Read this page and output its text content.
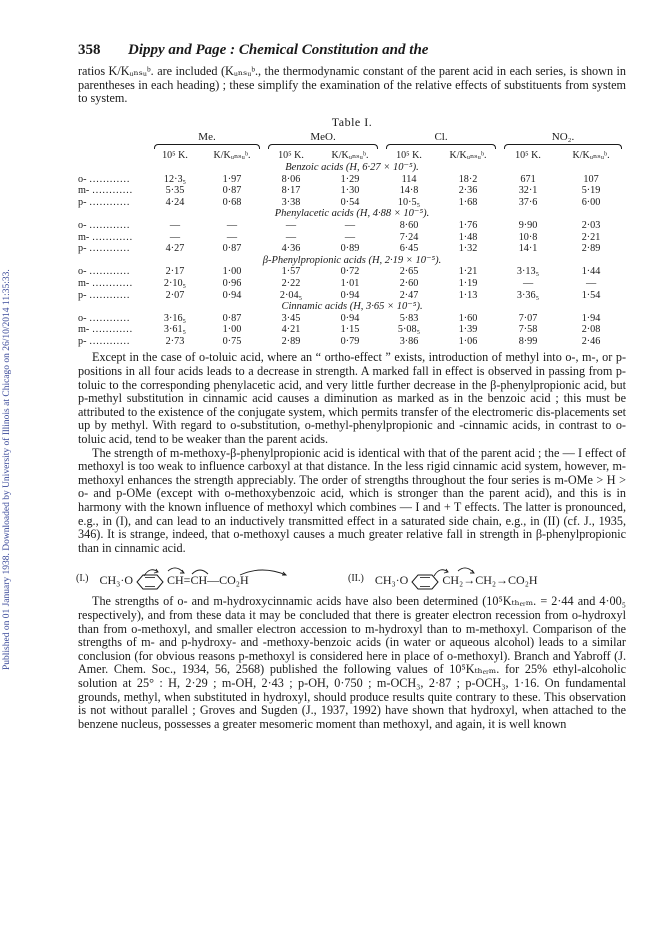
Published on 01 January 1938. Downloaded by University of Illinois at Chicago on 26/10/2014 11:35:33.
358	Dippy and Page : Chemical Constitution and the

ratios K/Kᵤₙₛᵤᵇ. are included (Kᵤₙₛᵤᵇ., the thermodynamic constant of the parent acid in each series, is shown in parentheses in each heading) ; these simplify the examination of the relative effects of substituents from system to system.

Table I.
	Me.		MeO.		Cl.		NO₂.	

	10⁵ K.	K/Kᵤₙₛᵤᵇ.	10⁵ K.	K/Kᵤₙₛᵤᵇ.	10⁵ K.	K/Kᵤₙₛᵤᵇ.	10⁵ K.	K/Kᵤₙₛᵤᵇ.
Benzoic acids (H, 6·27 × 10⁻⁵).								
o- …………	12·3₅	1·97	8·06	1·29	114	18·2	671	107
m- …………	5·35	0·87	8·17	1·30	14·8	2·36	32·1	5·19
p- …………	4·24	0·68	3·38	0·54	10·5₅	1·68	37·6	6·00
Phenylacetic acids (H, 4·88 × 10⁻⁵).								
o- …………	—	—	—	—	8·60	1·76	9·90	2·03
m- …………	—	—	—	—	7·24	1·48	10·8	2·21
p- …………	4·27	0·87	4·36	0·89	6·45	1·32	14·1	2·89
β-Phenylpropionic acids (H, 2·19 × 10⁻⁵).								
o- …………	2·17	1·00	1·57	0·72	2·65	1·21	3·13₅	1·44
m- …………	2·10₅	0·96	2·22	1·01	2·60	1·19	—	—
p- …………	2·07	0·94	2·04₅	0·94	2·47	1·13	3·36₅	1·54
Cinnamic acids (H, 3·65 × 10⁻⁵).								
o- …………	3·16₅	0·87	3·45	0·94	5·83	1·60	7·07	1·94
m- …………	3·61₅	1·00	4·21	1·15	5·08₅	1·39	7·58	2·08
p- …………	2·73	0·75	2·89	0·79	3·86	1·06	8·99	2·46

Except in the case of o-toluic acid, where an “ ortho-effect ” exists, introduction of methyl into o-, m-, or p-positions in all four acids leads to a decrease in strength. A marked fall in effect is observed in passing from p-toluic to the corresponding phenylacetic acid, and very little further decrease in the β-phenylpropionic acid, but p-methyl substitution in cinnamic acid causes a diminution as marked as in the benzoic acid ; this must be attributed to the existence of the conjugate system, which permits transfer of the electromeric dis-placements set up by methyl. With regard to o-substitution, o-methyl-phenylpropionic and -cinnamic acids, in contrast to o-toluic acid, tend to be weaker than the parent acids.

The strength of m-methoxy-β-phenylpropionic acid is identical with that of the parent acid ; the — I effect of methoxyl is too weak to influence carboxyl at that distance. In the less rigid cinnamic acid system, however, m-methoxyl enhances the strength appreciably. The order of strengths throughout the four series is m-OMe > H > o- and p-OMe (except with o-methoxybenzoic acid, which is stronger than the parent acid), and this is in harmony with the known influence of methoxyl which combines — I and + T effects. The latter is pronounced, e.g., in (I), and can lead to an inductively transmitted effect in a saturated side chain, e.g., in (II) (cf. J., 1935, 346). It is strange, indeed, that o-methoxyl causes a much greater relative fall in strength in β-phenylpropionic than in cinnamic acid.

$^{(I.)}$ CH₃·O	CH=CH—CO₂H	$^{(II.)}$ CH₃·O	CH₂→CH₂→CO₂H

The strengths of o- and m-hydroxycinnamic acids have also been determined (10⁵Kₜₕₑᵣₘ. = 2·44 and 4·00₅ respectively), and from these data it may be concluded that there is greater electron recession from o-hydroxyl than from o-methoxyl, and smaller electron accession to m-hydroxyl than to m-methoxyl. Comparison of the strengths of m- and p-hydroxy- and -methoxy-benzoic acids (in water or aqueous alcohol) leads to a similar conclusion (for obvious reasons p-methoxyl is considered here in place of o-methoxyl). Branch and Yabroff (J. Amer. Chem. Soc., 1934, 56, 2568) published the following values of 10⁵Kₜₕₑᵣₘ. for 25% ethyl-alcoholic solution at 25° : H, 2·29 ; m-OH, 2·43 ; p-OH, 0·750 ; m-OCH₃, 2·87 ; p-OCH₃, 1·16. On fundamental grounds, methyl, when substituted in hydroxyl, should produce results quite contrary to these. This observation is not without parallel ; Groves and Sugden (J., 1937, 1992) have shown that hydroxyl, when attached to the benzene nucleus, possesses a greater mesomeric moment than methoxyl, and again, it is well known
